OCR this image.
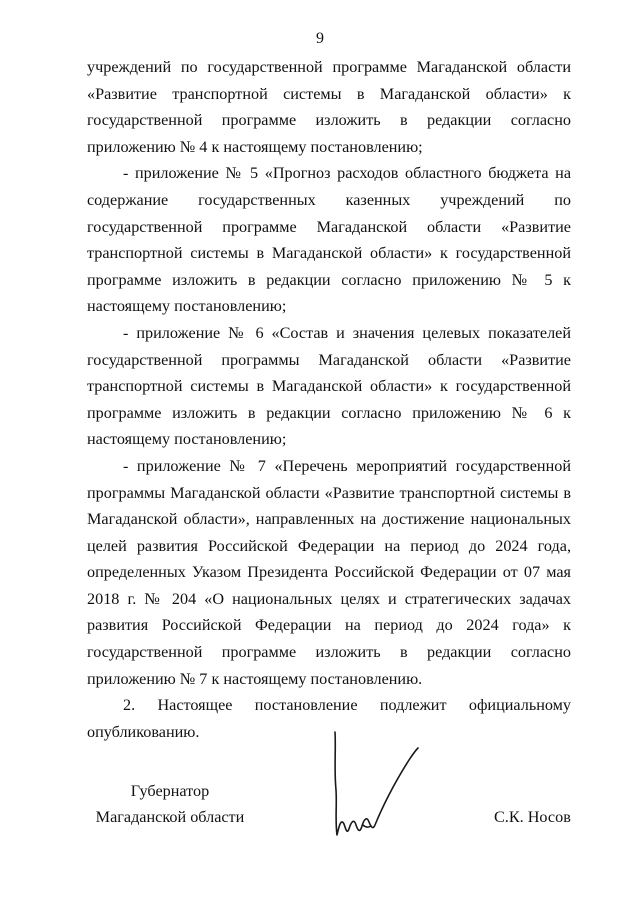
9

учреждений по государственной программе Магаданской области «Развитие транспортной системы в Магаданской области» к государственной программе изложить в редакции согласно приложению № 4 к настоящему постановлению;

- приложение № 5 «Прогноз расходов областного бюджета на содержание государственных казенных учреждений по государственной программе Магаданской области «Развитие транспортной системы в Магаданской области» к государственной программе изложить в редакции согласно приложению № 5 к настоящему постановлению;

- приложение № 6 «Состав и значения целевых показателей государственной программы Магаданской области «Развитие транспортной системы в Магаданской области» к государственной программе изложить в редакции согласно приложению № 6 к настоящему постановлению;

- приложение № 7 «Перечень мероприятий государственной программы Магаданской области «Развитие транспортной системы в Магаданской области», направленных на достижение национальных целей развития Российской Федерации на период до 2024 года, определенных Указом Президента Российской Федерации от 07 мая 2018 г. № 204 «О национальных целях и стратегических задачах развития Российской Федерации на период до 2024 года» к государственной программе изложить в редакции согласно приложению № 7 к настоящему постановлению.

2. Настоящее постановление подлежит официальному опубликованию.

Губернатор
Магаданской области	С.К. Носов
